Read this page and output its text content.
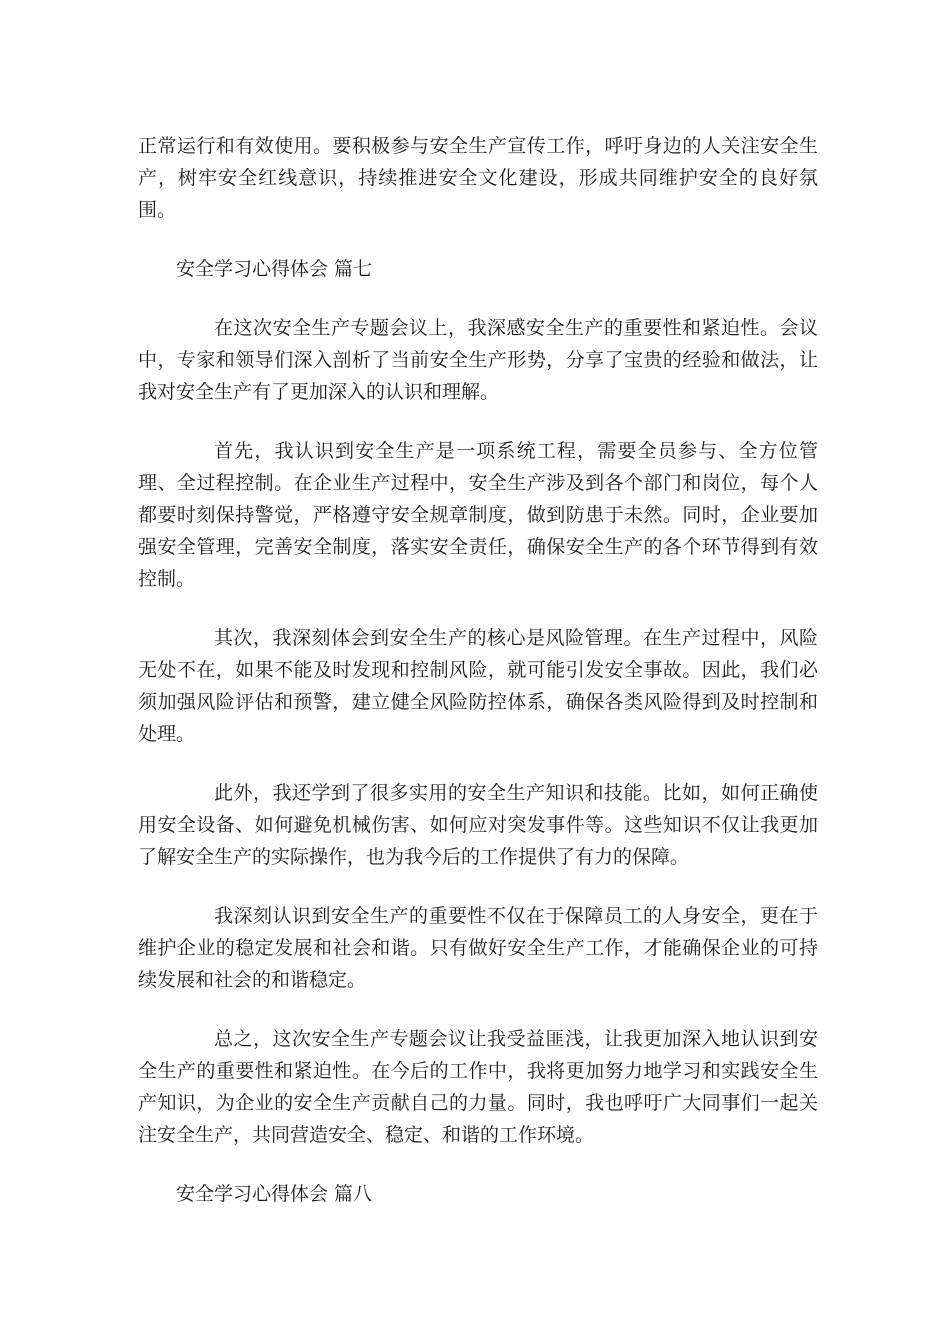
正常运行和有效使用。要积极参与安全生产宣传工作，呼吁身边的人关注安全生产，树牢安全红线意识，持续推进安全文化建设，形成共同维护安全的良好氛围。

安全学习心得体会 篇七

在这次安全生产专题会议上，我深感安全生产的重要性和紧迫性。会议中，专家和领导们深入剖析了当前安全生产形势，分享了宝贵的经验和做法，让我对安全生产有了更加深入的认识和理解。

首先，我认识到安全生产是一项系统工程，需要全员参与、全方位管理、全过程控制。在企业生产过程中，安全生产涉及到各个部门和岗位，每个人都要时刻保持警觉，严格遵守安全规章制度，做到防患于未然。同时，企业要加强安全管理，完善安全制度，落实安全责任，确保安全生产的各个环节得到有效控制。

其次，我深刻体会到安全生产的核心是风险管理。在生产过程中，风险无处不在，如果不能及时发现和控制风险，就可能引发安全事故。因此，我们必须加强风险评估和预警，建立健全风险防控体系，确保各类风险得到及时控制和处理。

此外，我还学到了很多实用的安全生产知识和技能。比如，如何正确使用安全设备、如何避免机械伤害、如何应对突发事件等。这些知识不仅让我更加了解安全生产的实际操作，也为我今后的工作提供了有力的保障。

我深刻认识到安全生产的重要性不仅在于保障员工的人身安全，更在于维护企业的稳定发展和社会和谐。只有做好安全生产工作，才能确保企业的可持续发展和社会的和谐稳定。

总之，这次安全生产专题会议让我受益匪浅，让我更加深入地认识到安全生产的重要性和紧迫性。在今后的工作中，我将更加努力地学习和实践安全生产知识，为企业的安全生产贡献自己的力量。同时，我也呼吁广大同事们一起关注安全生产，共同营造安全、稳定、和谐的工作环境。

安全学习心得体会 篇八
